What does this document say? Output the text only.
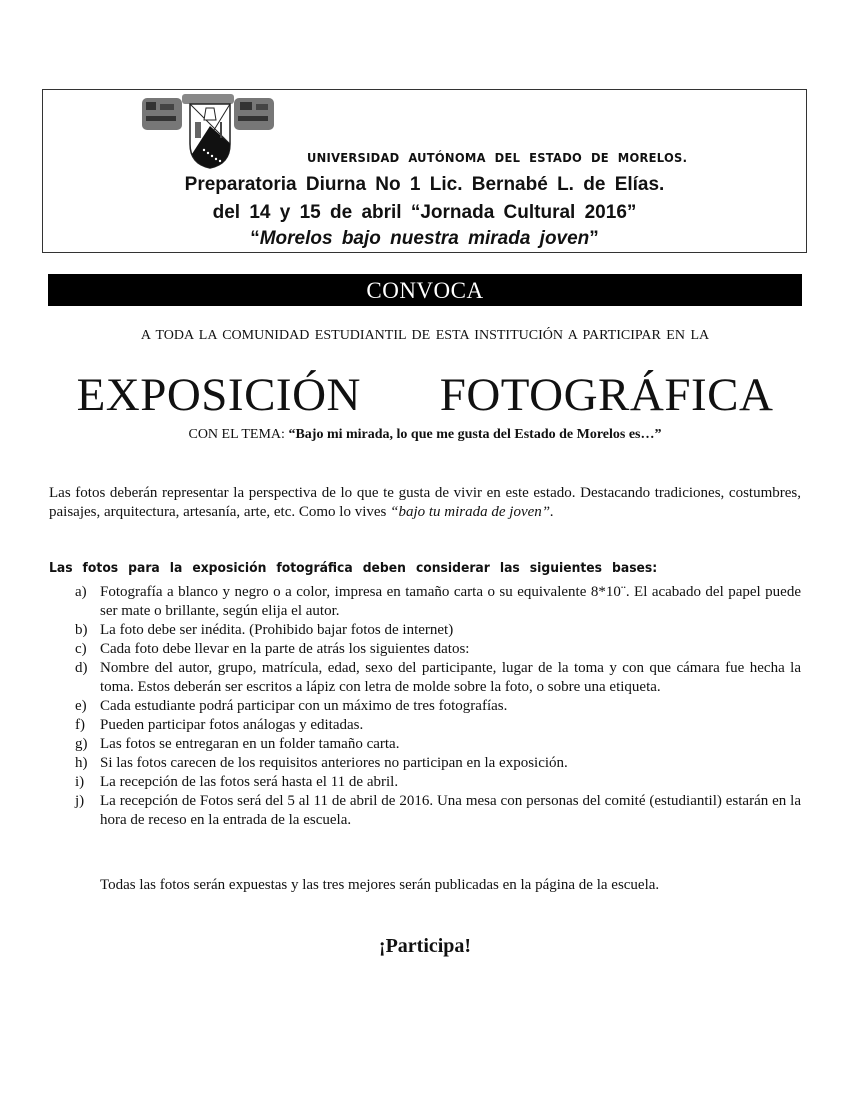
UNIVERSIDAD AUTÓNOMA DEL ESTADO DE MORELOS.
Preparatoria Diurna No 1 Lic. Bernabé L. de Elías.
del 14 y 15 de abril “Jornada Cultural 2016”
“Morelos bajo nuestra mirada joven”
CONVOCA
A TODA LA COMUNIDAD ESTUDIANTIL DE ESTA INSTITUCIÓN A PARTICIPAR EN LA
EXPOSICIÓN   FOTOGRÁFICA
CON EL TEMA: “Bajo mi mirada, lo que me gusta del Estado de Morelos es…”
Las fotos deberán representar la perspectiva de lo que te gusta de vivir en este estado. Destacando tradiciones, costumbres, paisajes, arquitectura, artesanía, arte, etc. Como lo vives “bajo tu mirada de joven”.
Las fotos para la exposición fotográfica deben considerar las siguientes bases:
a) Fotografía a blanco y negro o a color, impresa en tamaño carta o su equivalente 8*10¨. El acabado del papel puede ser mate o brillante, según elija el autor.
b) La foto debe ser inédita. (Prohibido bajar fotos de internet)
c) Cada foto debe llevar en la parte de atrás los siguientes datos:
d) Nombre del autor, grupo, matrícula, edad, sexo del participante, lugar de la toma y con que cámara fue hecha la toma. Estos deberán ser escritos a lápiz con letra de molde sobre la foto, o sobre una etiqueta.
e) Cada estudiante podrá participar con un máximo de tres fotografías.
f) Pueden participar fotos análogas y editadas.
g) Las fotos se entregaran en un folder tamaño carta.
h) Si las fotos carecen de los requisitos anteriores no participan en la exposición.
i) La recepción de las fotos será hasta el 11 de abril.
j) La recepción de Fotos será del 5 al 11 de abril de 2016. Una mesa con personas del comité (estudiantil) estarán en la hora de receso en la entrada de la escuela.
Todas las fotos serán expuestas y las tres mejores serán publicadas en la página de la escuela.
¡Participa!
